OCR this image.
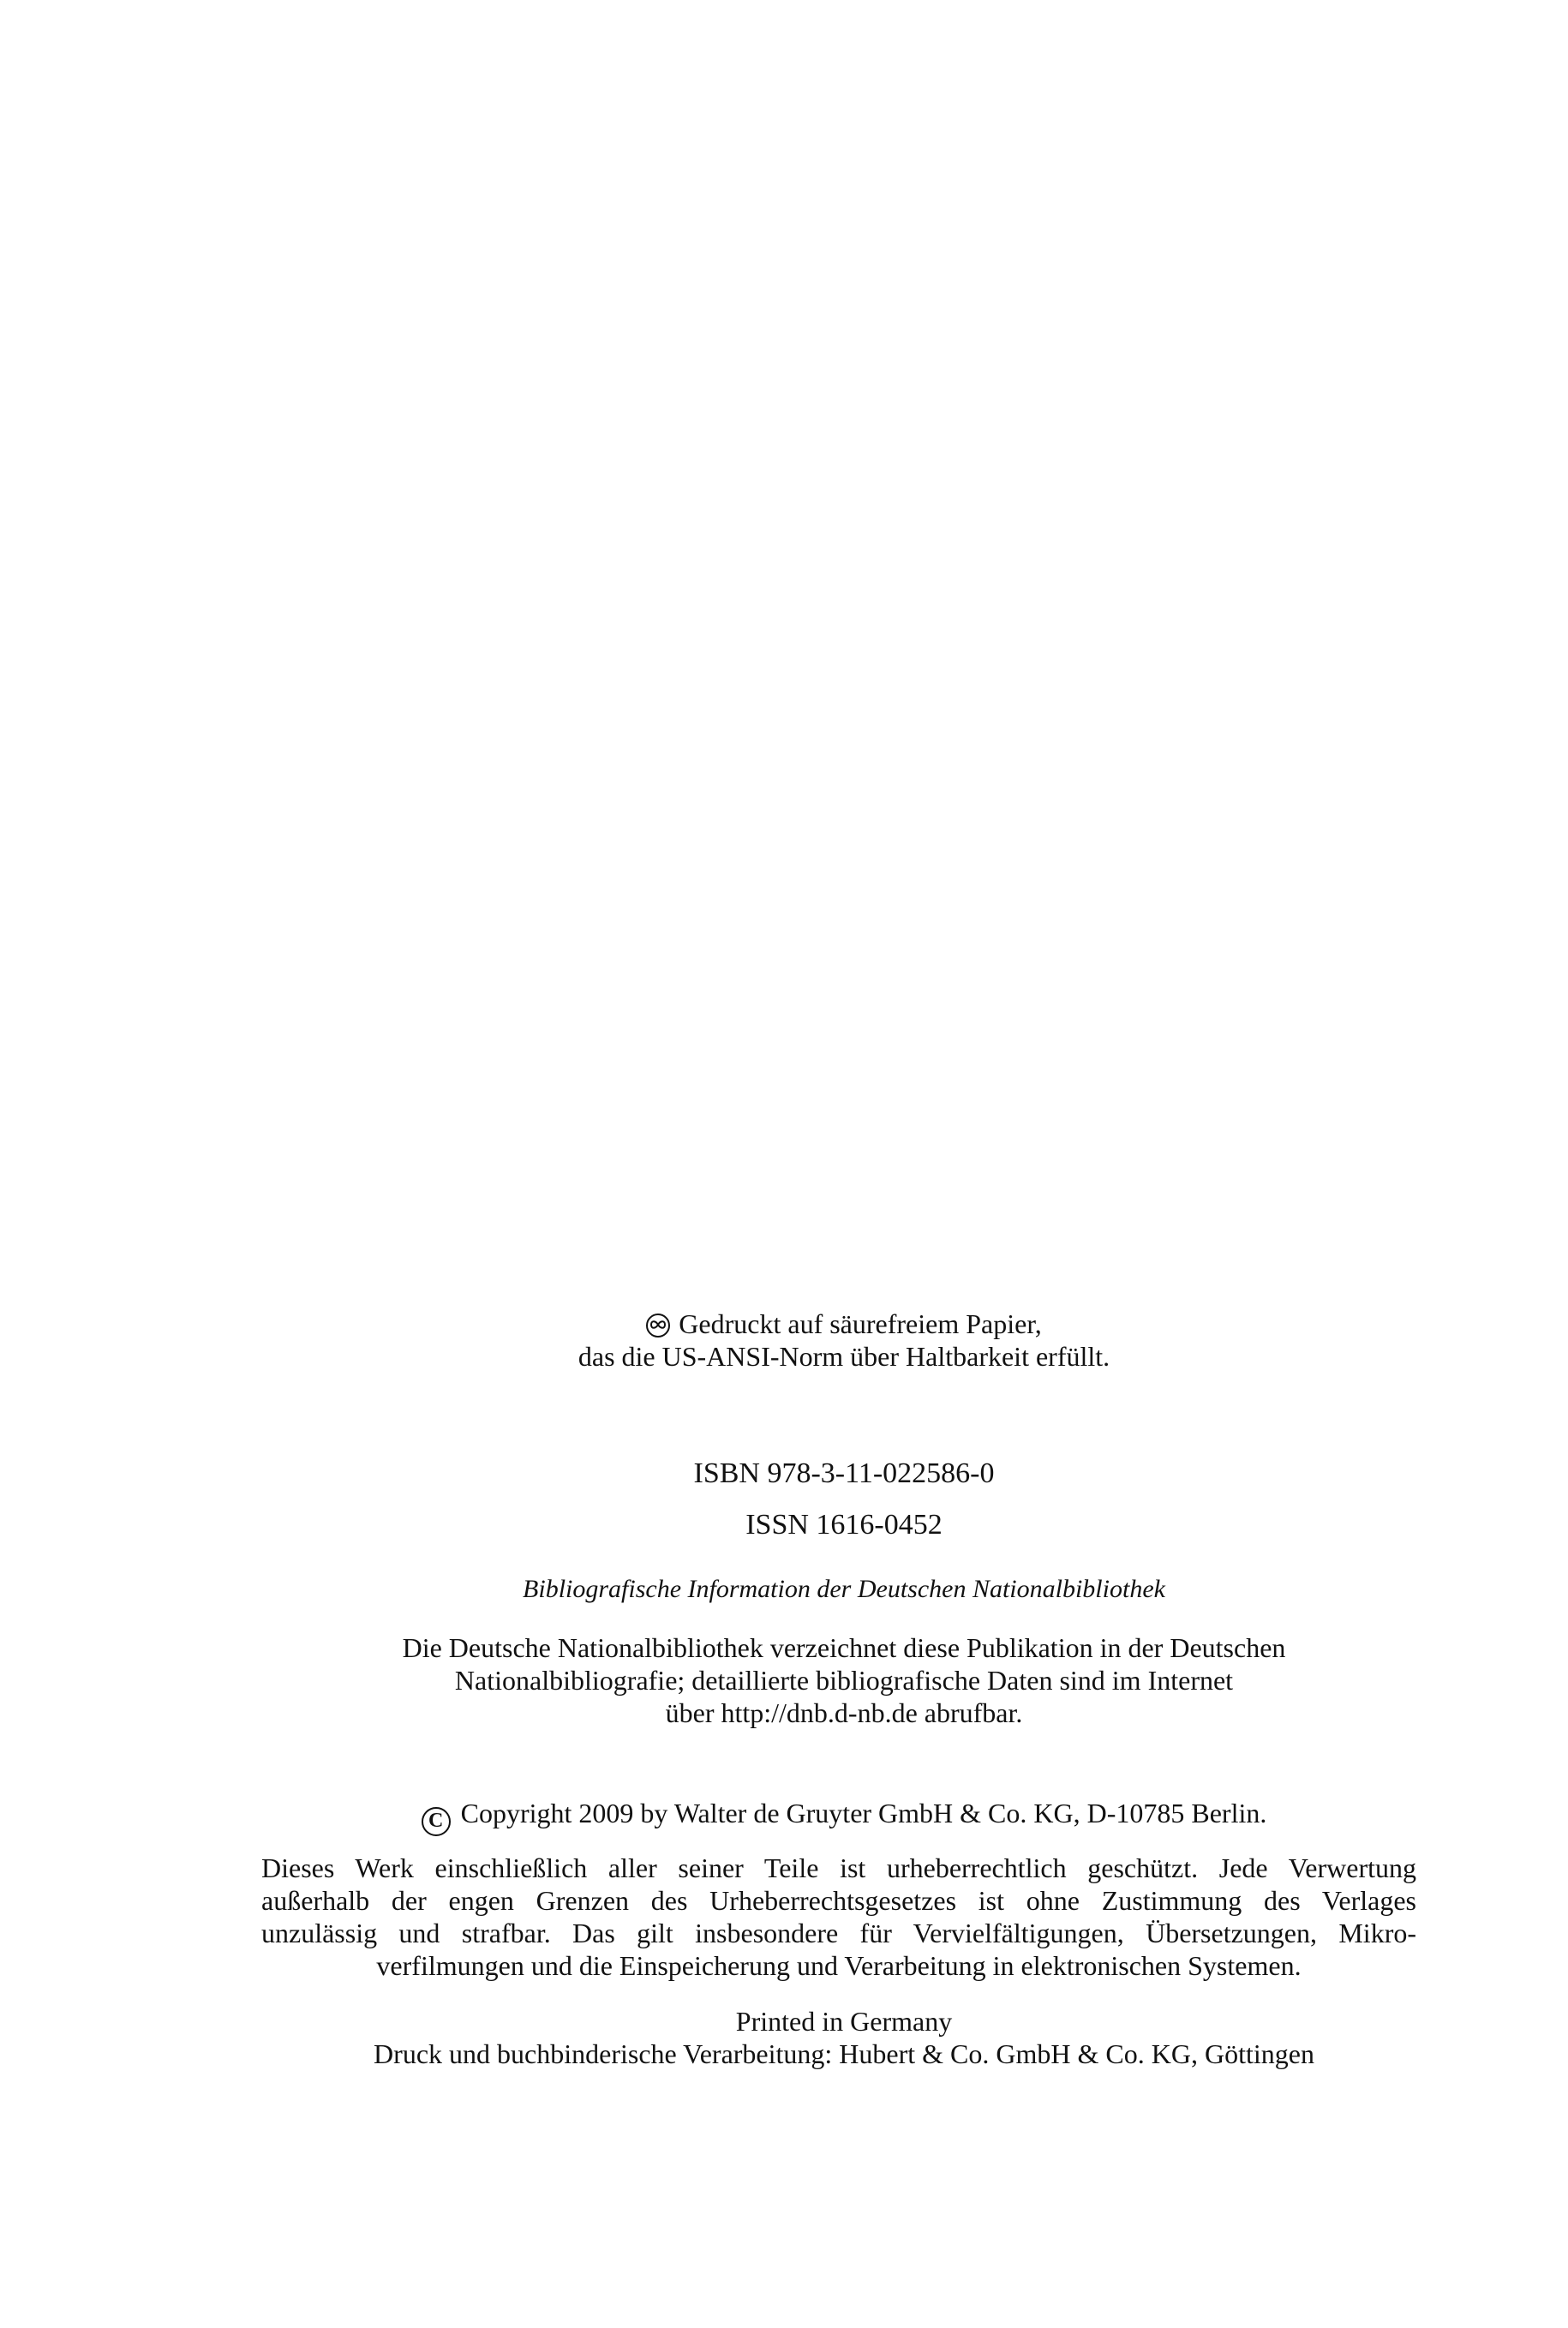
Gedruckt auf säurefreiem Papier,
das die US-ANSI-Norm über Haltbarkeit erfüllt.
ISBN 978-3-11-022586-0
ISSN 1616-0452
Bibliografische Information der Deutschen Nationalbibliothek
Die Deutsche Nationalbibliothek verzeichnet diese Publikation in der Deutschen
Nationalbibliografie; detaillierte bibliografische Daten sind im Internet
über http://dnb.d-nb.de abrufbar.
C Copyright 2009 by Walter de Gruyter GmbH & Co. KG, D-10785 Berlin.
Dieses Werk einschließlich aller seiner Teile ist urheberrechtlich geschützt. Jede Verwertung
außerhalb der engen Grenzen des Urheberrechtsgesetzes ist ohne Zustimmung des Verlages
unzulässig und strafbar. Das gilt insbesondere für Vervielfältigungen, Übersetzungen, Mikro-
verfilmungen und die Einspeicherung und Verarbeitung in elektronischen Systemen.
Printed in Germany
Druck und buchbinderische Verarbeitung: Hubert & Co. GmbH & Co. KG, Göttingen
